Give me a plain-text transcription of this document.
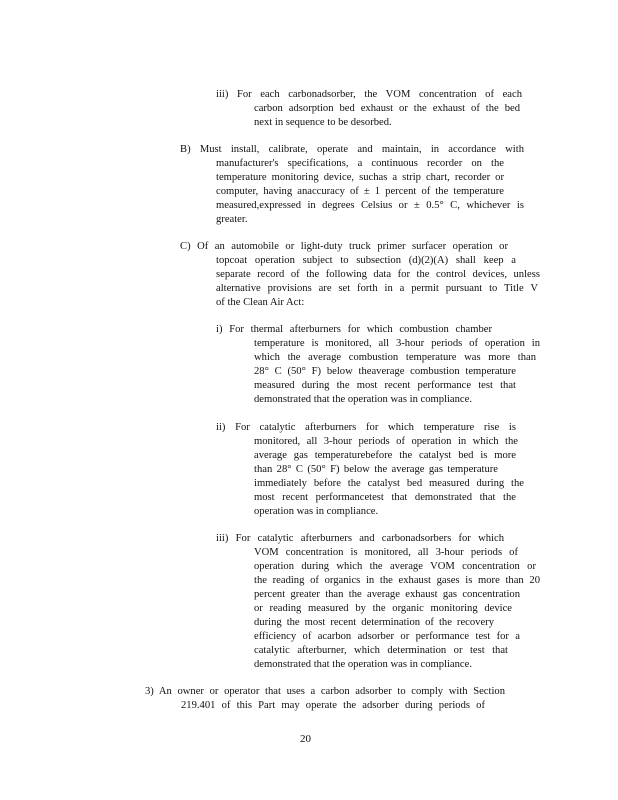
iii) For each carbonadsorber, the VOM concentration of each
carbon adsorption bed exhaust or the exhaust of the bed
next in sequence to be desorbed.
B) Must install, calibrate, operate and maintain, in accordance with
manufacturer's specifications, a continuous recorder on the
temperature monitoring device, suchas a strip chart, recorder or
computer, having anaccuracy of ± 1 percent of the temperature
measured,expressed in degrees Celsius or ± 0.5° C, whichever is
greater.
C) Of an automobile or light-duty truck primer surfacer operation or
topcoat operation subject to subsection (d)(2)(A) shall keep a
separate record of the following data for the control devices, unless
alternative provisions are set forth in a permit pursuant to Title V
of the Clean Air Act:
i) For thermal afterburners for which combustion chamber
temperature is monitored, all 3-hour periods of operation in
which the average combustion temperature was more than
28° C (50° F) below theaverage combustion temperature
measured during the most recent performance test that
demonstrated that the operation was in compliance.
ii) For catalytic afterburners for which temperature rise is
monitored, all 3-hour periods of operation in which the
average gas temperaturebefore the catalyst bed is more
than 28° C (50° F) below the average gas temperature
immediately before the catalyst bed measured during the
most recent performancetest that demonstrated that the
operation was in compliance.
iii) For catalytic afterburners and carbonadsorbers for which
VOM concentration is monitored, all 3-hour periods of
operation during which the average VOM concentration or
the reading of organics in the exhaust gases is more than 20
percent greater than the average exhaust gas concentration
or reading measured by the organic monitoring device
during the most recent determination of the recovery
efficiency of acarbon adsorber or performance test for a
catalytic afterburner, which determination or test that
demonstrated that the operation was in compliance.
3) An owner or operator that uses a carbon adsorber to comply with Section
219.401 of this Part may operate the adsorber during periods of
20
